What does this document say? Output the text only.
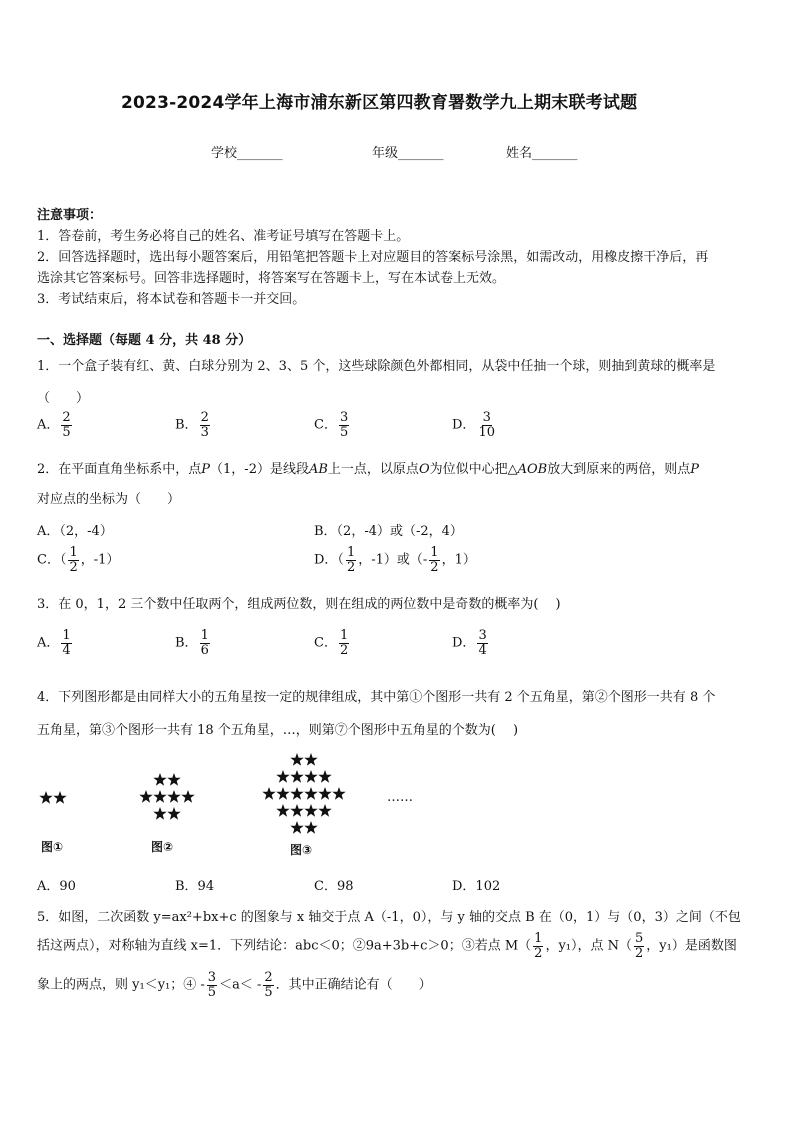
2023-2024学年上海市浦东新区第四教育署数学九上期末联考试题
学校_______	年级_______	姓名_______
注意事项：
1．答卷前，考生务必将自己的姓名、准考证号填写在答题卡上。
2．回答选择题时，选出每小题答案后，用铅笔把答题卡上对应题目的答案标号涂黑，如需改动，用橡皮擦干净后，再
选涂其它答案标号。回答非选择题时，将答案写在答题卡上，写在本试卷上无效。
3．考试结束后，将本试卷和答题卡一并交回。
一、选择题（每题 4 分，共 48 分）
1．一个盒子装有红、黄、白球分别为 2、3、5 个，这些球除颜色外都相同，从袋中任抽一个球，则抽到黄球的概率是
（　　）
A． $\frac{2}{5}$	B． $\frac{2}{3}$	C． $\frac{3}{5}$	D． $\frac{3}{10}$
2．在平面直角坐标系中，点P（1，-2）是线段AB上一点，以原点O为位似中心把△AOB放大到原来的两倍，则点P
对应点的坐标为（　　）
A．（2，-4）	B．（2，-4）或（-2，4）
C．（ $\frac{1}{2}$ ，-1）	D．（ $\frac{1}{2}$ ，-1）或（- $\frac{1}{2}$ ，1）
3．在 0，1，2 三个数中任取两个，组成两位数，则在组成的两位数中是奇数的概率为(　 )
A． $\frac{1}{4}$	B． $\frac{1}{6}$	C． $\frac{1}{2}$	D． $\frac{3}{4}$
4．下列图形都是由同样大小的五角星按一定的规律组成，其中第①个图形一共有 2 个五角星，第②个图形一共有 8 个
五角星，第③个图形一共有 18 个五角星，…，则第⑦个图形中五角星的个数为(　 )
……
图①	图②	图③
A．90	B．94	C．98	D．102
5．如图，二次函数 y=ax²+bx+c 的图象与 x 轴交于点 A（-1，0），与 y 轴的交点 B 在（0，1）与（0，3）之间（不包
括这两点），对称轴为直线 x=1．下列结论：abc＜0；②9a+3b+c＞0；③若点 $M( \frac{1}{2}$ ，y₁），点 $N( \frac{5}{2}$ ，y₁）是函数图
象上的两点，则 y₁＜y₁；④ - $\frac{3}{5} <a< - \frac{2}{5}$ ．其中正确结论有（　　）
